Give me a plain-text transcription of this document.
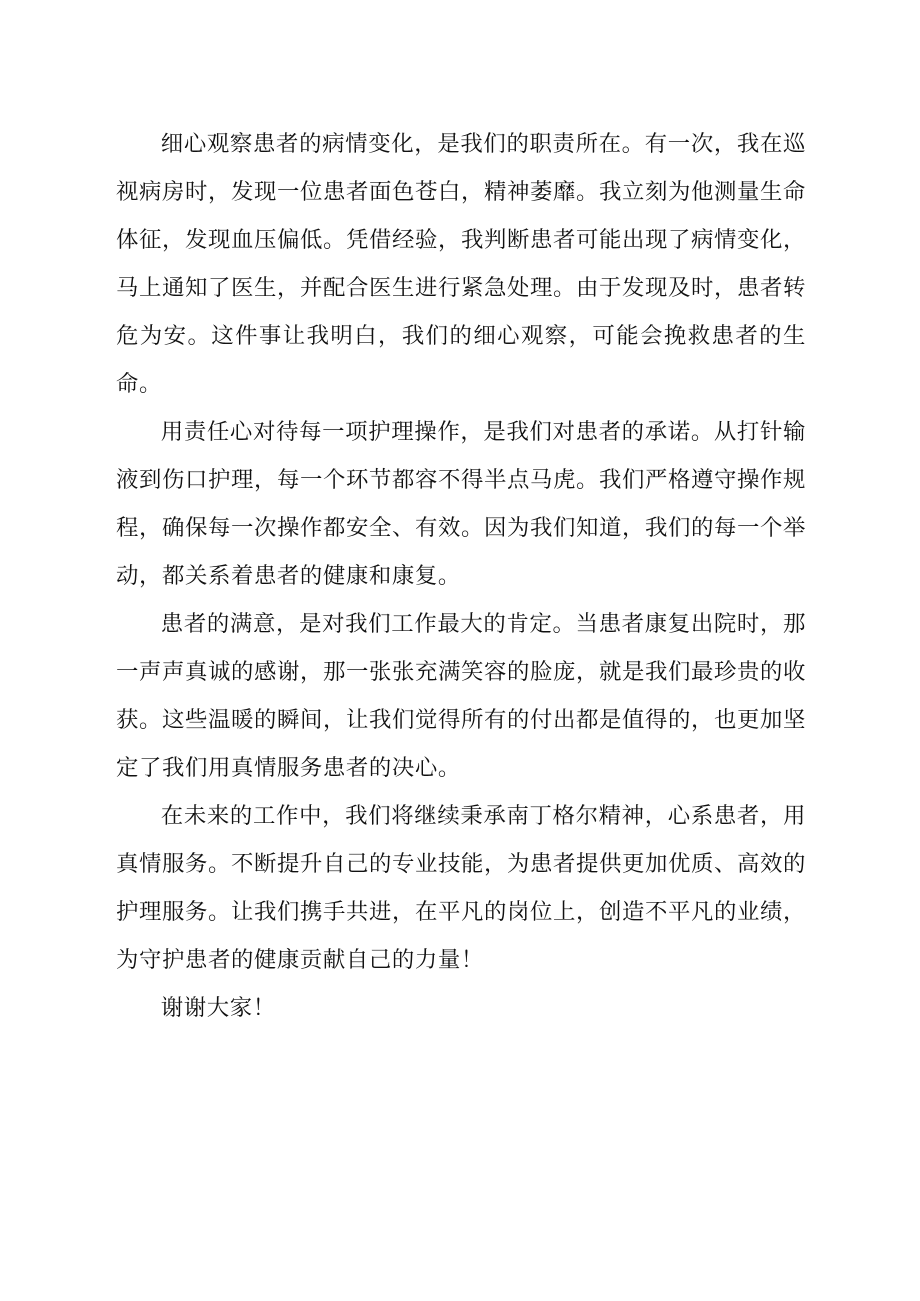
细心观察患者的病情变化，是我们的职责所在。有一次，我在巡视病房时，发现一位患者面色苍白，精神萎靡。我立刻为他测量生命体征，发现血压偏低。凭借经验，我判断患者可能出现了病情变化，马上通知了医生，并配合医生进行紧急处理。由于发现及时，患者转危为安。这件事让我明白，我们的细心观察，可能会挽救患者的生命。

用责任心对待每一项护理操作，是我们对患者的承诺。从打针输液到伤口护理，每一个环节都容不得半点马虎。我们严格遵守操作规程，确保每一次操作都安全、有效。因为我们知道，我们的每一个举动，都关系着患者的健康和康复。

患者的满意，是对我们工作最大的肯定。当患者康复出院时，那一声声真诚的感谢，那一张张充满笑容的脸庞，就是我们最珍贵的收获。这些温暖的瞬间，让我们觉得所有的付出都是值得的，也更加坚定了我们用真情服务患者的决心。

在未来的工作中，我们将继续秉承南丁格尔精神，心系患者，用真情服务。不断提升自己的专业技能，为患者提供更加优质、高效的护理服务。让我们携手共进，在平凡的岗位上，创造不平凡的业绩，为守护患者的健康贡献自己的力量！

谢谢大家！
